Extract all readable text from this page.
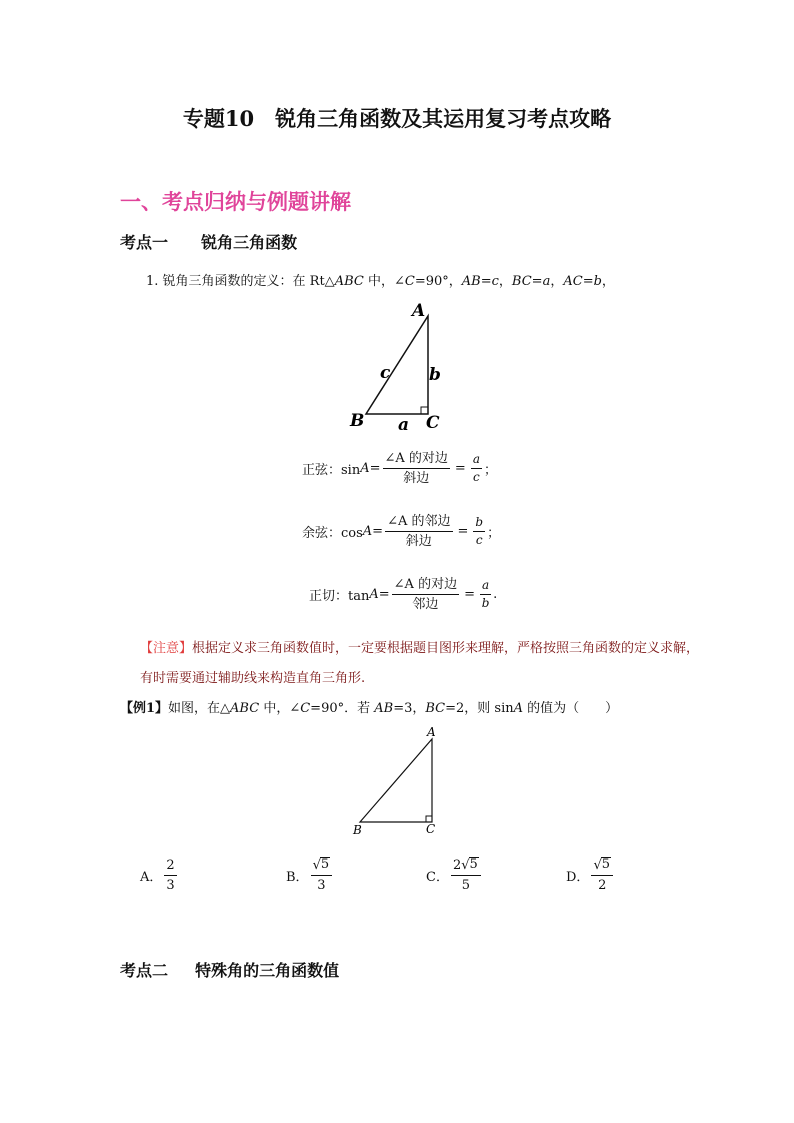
专题10　锐角三角函数及其运用复习考点攻略
一、考点归纳与例题讲解
考点一 锐角三角函数
1. 锐角三角函数的定义：在 Rt△ABC 中，∠C=90°，AB=c，BC=a，AC=b，
A
B	C
a
b
c
正弦：$\sin A = \frac{\text{∠A 的对边}}{\text{斜边}} = \frac{a}{c}$ ；
余弦：$\cos A = \frac{\text{∠A 的邻边}}{\text{斜边}} = \frac{b}{c}$ ；
正切：$\tan A = \frac{\text{∠A 的对边}}{\text{邻边}} = \frac{a}{b}$ .
【注意】根据定义求三角函数值时，一定要根据题目图形来理解，严格按照三角函数的定义求解，有时需要通过辅助线来构造直角三角形.
【例1】如图，在△ABC 中，∠C=90°．若 AB=3，BC=2，则 sinA 的值为（　　）
A
B	C
A． $\frac{2}{3}$	B． $\frac{√ 5}{3}$	C． $\frac{2√ 5}{5}$	D． $\frac{√ 5}{2}$
考点二 特殊角的三角函数值
